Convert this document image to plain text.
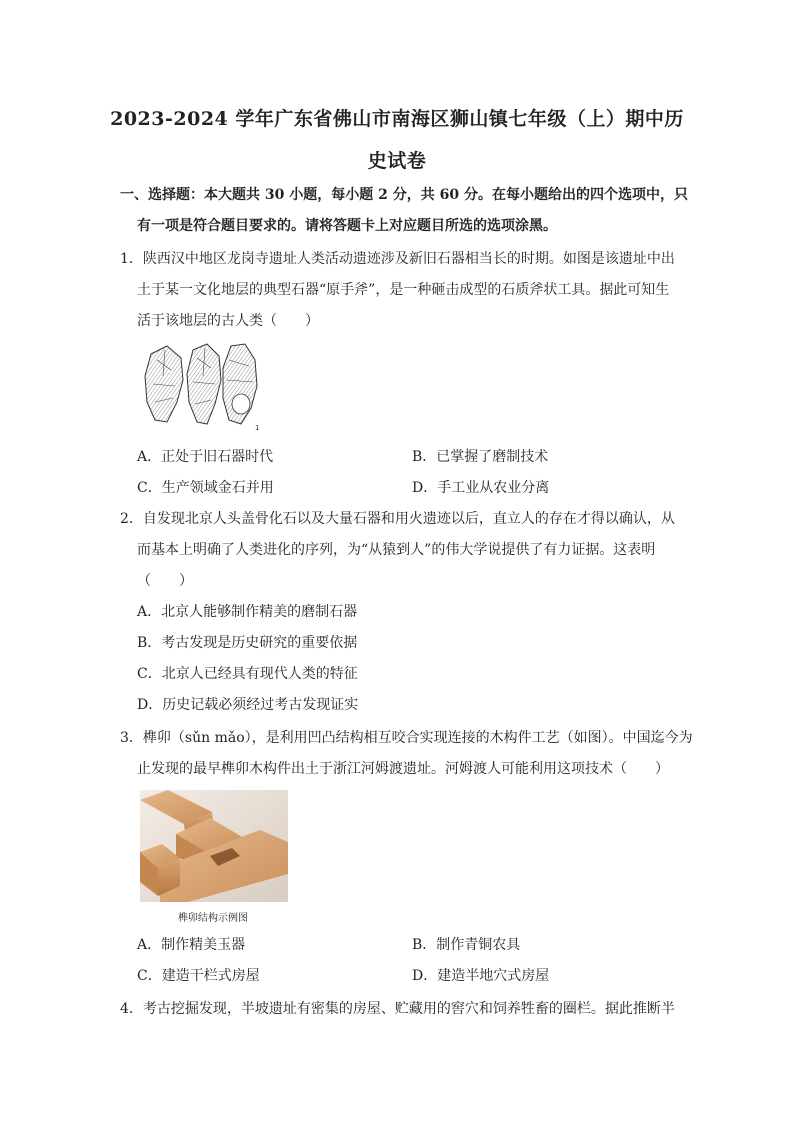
2023-2024 学年广东省佛山市南海区狮山镇七年级（上）期中历
史试卷
一、选择题：本大题共 30 小题，每小题 2 分，共 60 分。在每小题给出的四个选项中，只
有一项是符合题目要求的。请将答题卡上对应题目所选的选项涂黑。
1．陕西汉中地区龙岗寺遗址人类活动遗迹涉及新旧石器相当长的时期。如图是该遗址中出
土于某一文化地层的典型石器“原手斧”，是一种砸击成型的石质斧状工具。据此可知生
活于该地层的古人类（　　）
1
A．正处于旧石器时代	B．已掌握了磨制技术
C．生产领域金石并用	D．手工业从农业分离
2．自发现北京人头盖骨化石以及大量石器和用火遗迹以后，直立人的存在才得以确认，从
而基本上明确了人类进化的序列，为“从猿到人”的伟大学说提供了有力证据。这表明
（　　）
A．北京人能够制作精美的磨制石器
B．考古发现是历史研究的重要依据
C．北京人已经具有现代人类的特征
D．历史记载必须经过考古发现证实
3．榫卯（sǔn mǎo），是利用凹凸结构相互咬合实现连接的木构件工艺（如图）。中国迄今为
止发现的最早榫卯木构件出土于浙江河姆渡遗址。河姆渡人可能利用这项技术（　　）
榫卯结构示例图
A．制作精美玉器	B．制作青铜农具
C．建造干栏式房屋	D．建造半地穴式房屋
4．考古挖掘发现，半坡遗址有密集的房屋、贮藏用的窖穴和饲养牲畜的圈栏。据此推断半
